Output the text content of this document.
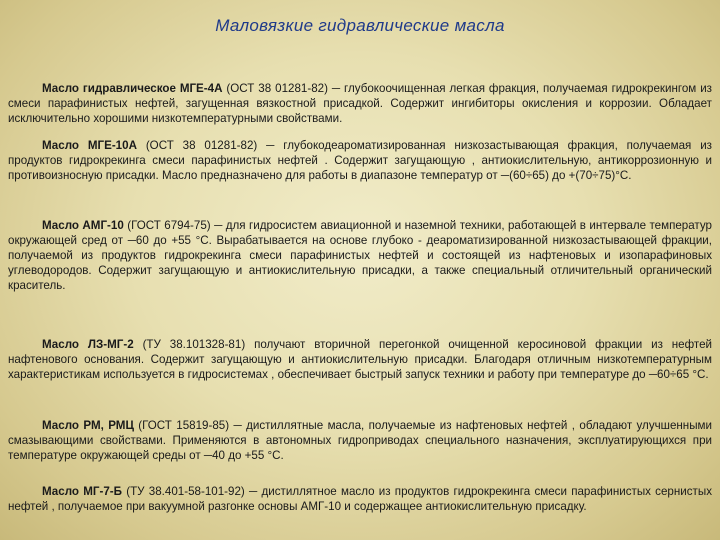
Маловязкие гидравлические масла

Масло гидравлическое МГЕ-4А (ОСТ 38 01281-82) ─ глубокоочищенная легкая фракция, получаемая гидрокрекингом из смеси парафинистых нефтей, загущенная вязкостной присадкой. Содержит ингибиторы окисления и коррозии. Обладает исключительно хорошими низкотемпературными свойствами.

Масло МГЕ-10А (ОСТ 38 01281-82) ─ глубокодеароматизированная низкозастывающая фракция, получаемая из продуктов гидрокрекинга смеси парафинистых нефтей . Содержит загущающую , антиокислительную, антикоррозионную и противоизносную присадки. Масло предназначено для работы в диапазоне температур от ─(60÷65) до +(70÷75)°С.

Масло АМГ-10 (ГОСТ 6794-75) ─ для гидросистем авиационной и наземной техники, работающей в интервале температур окружающей сред от ─60 до +55 °С. Вырабатывается на основе глубоко - деароматизированной низкозастывающей фракции, получаемой из продуктов гидрокрекинга смеси парафинистых нефтей и состоящей из нафтеновых и изопарафиновых углеводородов. Содержит загущающую и антиокислительную присадки, а также специальный отличительный органический краситель.

Масло ЛЗ-МГ-2 (ТУ 38.101328-81) получают вторичной перегонкой очищенной керосиновой фракции из нефтей нафтенового основания. Содержит загущающую и антиокислительную присадки. Благодаря отличным низкотемпературным характеристикам используется в гидросистемах , обеспечивает быстрый запуск техники и работу при температуре до ─60÷65 °С.

Масло РМ, РМЦ (ГОСТ 15819-85) ─ дистиллятные масла, получаемые из нафтеновых нефтей , обладают улучшенными смазывающими свойствами. Применяются в автономных гидроприводах специального назначения, эксплуатирующихся при температуре окружающей среды от ─40 до +55 °С.

Масло МГ-7-Б (ТУ 38.401-58-101-92) ─ дистиллятное масло из продуктов гидрокрекинга смеси парафинистых сернистых нефтей , получаемое при вакуумной разгонке основы АМГ-10 и содержащее антиокислительную присадку.
